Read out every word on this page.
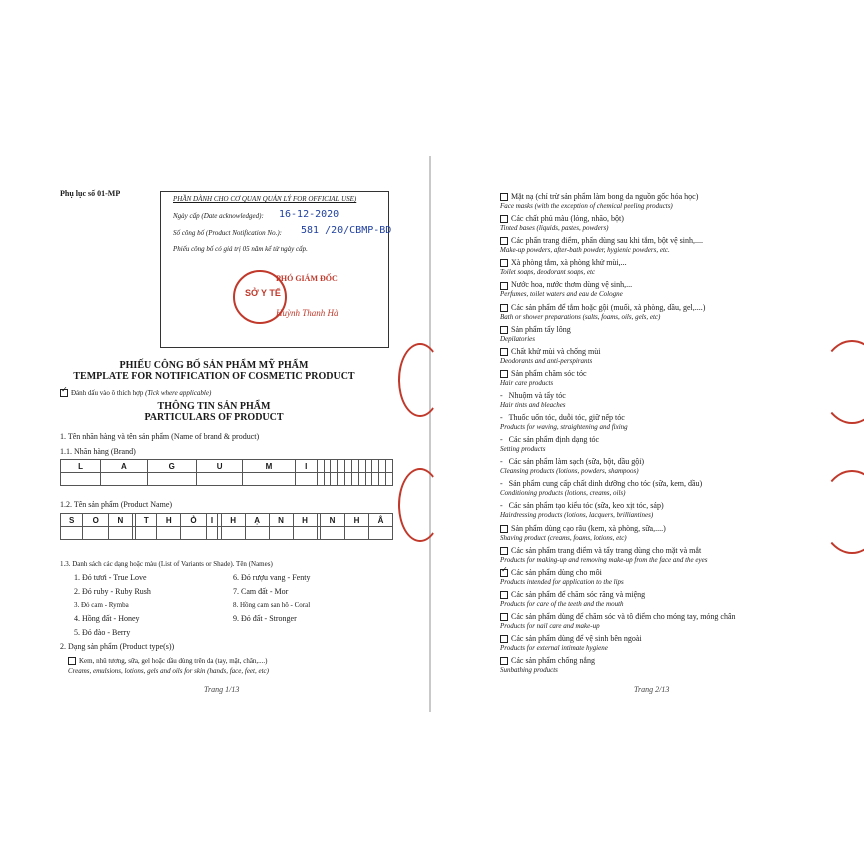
Phụ lục số 01-MP
PHẦN DÀNH CHO CƠ QUAN QUẢN LÝ FOR OFFICIAL USE)
Ngày cấp (Date acknowledged): 16-12-2020
Số công bố (Product Notification No.): 581 /20/CBMP-BD
Phiếu công bố có giá trị 05 năm kể từ ngày cấp.
PHÓ GIÁM ĐỐC
SỞ Y TẾ
Huỳnh Thanh Hà
PHIẾU CÔNG BỐ SẢN PHẨM MỸ PHẨM
TEMPLATE FOR NOTIFICATION OF COSMETIC PRODUCT
✓Đánh dấu vào ô thích hợp (Tick where applicable)
THÔNG TIN SẢN PHẨM
PARTICULARS OF PRODUCT
1. Tên nhãn hàng và tên sản phẩm (Name of brand & product)
1.1. Nhãn hàng (Brand)
L	A	G	U	M	I											

1.2. Tên sản phẩm (Product Name)
S	O	N		T	H	Ỏ	I		H	Ạ	N	H		N	H	Â

1.3. Danh sách các dạng hoặc màu (List of Variants or Shade). Tên (Names)
1. Đỏ tươi - True Love
2. Đỏ ruby - Ruby Rush
3. Đỏ cam - Rymba
4. Hồng đất - Honey
5. Đỏ đào - Berry
6. Đỏ rượu vang - Fenty
7. Cam đất - Mor
8. Hồng cam san hô - Coral
9. Đỏ đất - Stronger
2. Dạng sản phẩm (Product type(s))
Kem, nhũ tương, sữa, gel hoặc dầu dùng trên da (tay, mặt, chân,....)
Creams, emulsions, lotions, gels and oils for skin (hands, face, feet, etc)
Trang 1/13
Mặt nạ (chỉ trừ sản phẩm làm bong da nguồn gốc hóa học)
Face masks (with the exception of chemical peeling products)
Các chất phủ màu (lỏng, nhão, bột)
Tinted bases (liquids, pastes, powders)
Các phấn trang điểm, phấn dùng sau khi tắm, bột vệ sinh,....
Make-up powders, after-bath powder, hygienic powders, etc.
Xà phòng tắm, xà phòng khử mùi,...
Toilet soaps, deodorant soaps, etc
Nước hoa, nước thơm dùng vệ sinh,...
Perfumes, toilet waters and eau de Cologne
Các sản phẩm để tắm hoặc gội (muối, xà phòng, dầu, gel,....)
Bath or shower preparations (salts, foams, oils, gels, etc)
Sản phẩm tẩy lông
Depilatories
Chất khử mùi và chống mùi
Deodorants and anti-perspirants
Sản phẩm chăm sóc tóc
Hair care products
-   Nhuộm và tẩy tóc
Hair tints and bleaches
-   Thuốc uốn tóc, duỗi tóc, giữ nếp tóc
Products for waving, straightening and fixing
-   Các sản phẩm định dạng tóc
Setting products
-   Các sản phẩm làm sạch (sữa, bột, dầu gội)
Cleansing products (lotions, powders, shampoos)
-   Sản phẩm cung cấp chất dinh dưỡng cho tóc (sữa, kem, dầu)
Conditioning products (lotions, creams, oils)
-   Các sản phẩm tạo kiểu tóc (sữa, keo xịt tóc, sáp)
Hairdressing products (lotions, lacquers, brilliantines)
Sản phẩm dùng cạo râu (kem, xà phòng, sữa,....)
Shaving product (creams, foams, lotions, etc)
Các sản phẩm trang điểm và tẩy trang dùng cho mặt và mắt
Products for making-up and removing make-up from the face and the eyes
✓Các sản phẩm dùng cho môi
Products intended for application to the lips
Các sản phẩm để chăm sóc răng và miệng
Products for care of the teeth and the mouth
Các sản phẩm dùng để chăm sóc và tô điểm cho móng tay, móng chân
Products for nail care and make-up
Các sản phẩm dùng để vệ sinh bên ngoài
Products for external intimate hygiene
Các sản phẩm chống nắng
Sunbathing products
Trang 2/13
